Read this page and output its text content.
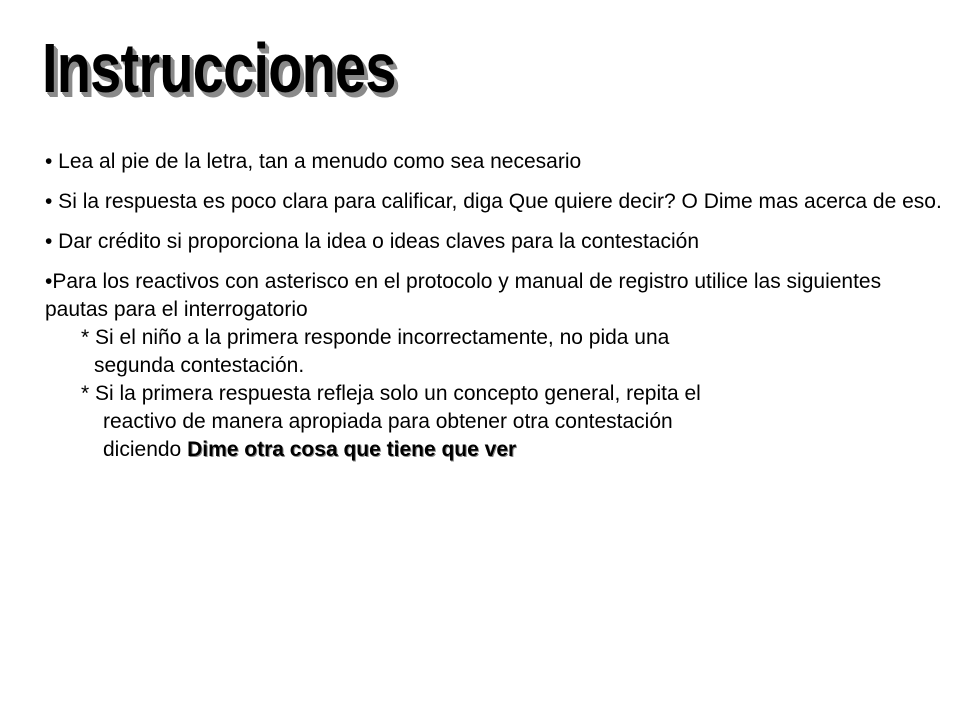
Instrucciones

• Lea al pie de la letra, tan a menudo como sea necesario

• Si la respuesta es poco clara para calificar, diga Que quiere decir? O Dime mas acerca de eso.

• Dar crédito si proporciona la idea o ideas claves para la contestación

•Para los reactivos con asterisco en el protocolo y manual de registro utilice las siguientes pautas para el interrogatorio

* Si el niño a la primera responde incorrectamente, no pida una
segunda contestación.
* Si la primera respuesta refleja solo un concepto general, repita el
reactivo de manera apropiada para obtener otra contestación
diciendo Dime otra cosa que tiene que ver
